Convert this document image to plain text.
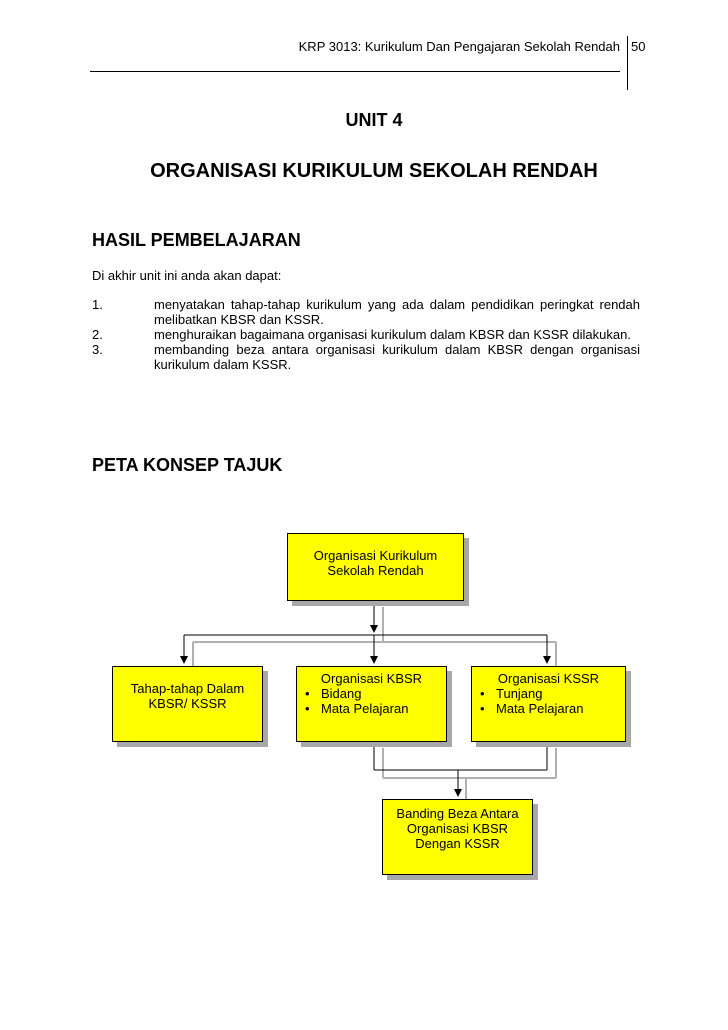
KRP 3013: Kurikulum Dan Pengajaran Sekolah Rendah 50
UNIT 4
ORGANISASI KURIKULUM SEKOLAH RENDAH
HASIL PEMBELAJARAN
Di akhir unit ini anda akan dapat:
1.	menyatakan tahap-tahap kurikulum yang ada dalam pendidikan peringkat rendah melibatkan KBSR dan KSSR.
2.	menghuraikan bagaimana organisasi kurikulum dalam KBSR dan KSSR dilakukan.
3.	membanding beza antara organisasi kurikulum dalam KBSR dengan organisasi kurikulum dalam KSSR.
PETA KONSEP TAJUK
Organisasi Kurikulum
Sekolah Rendah
Tahap-tahap Dalam
KBSR/ KSSR
Organisasi KBSR
• Bidang
• Mata Pelajaran
Organisasi KSSR
• Tunjang
• Mata Pelajaran
Banding Beza Antara
Organisasi KBSR
Dengan KSSR
